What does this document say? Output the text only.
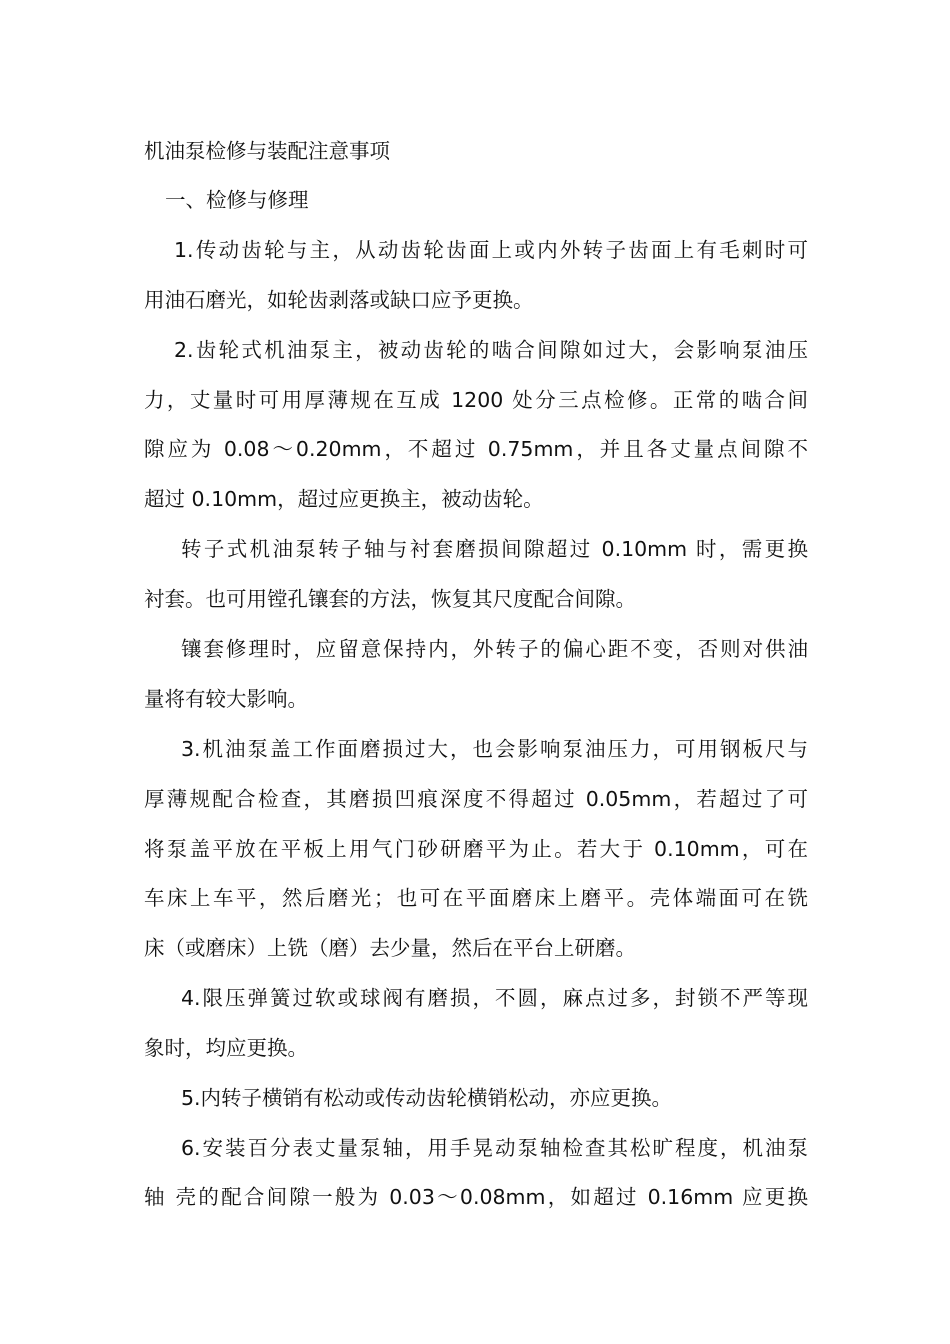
机油泵检修与装配注意事项
一、检修与修理
1.传动齿轮与主，从动齿轮齿面上或内外转子齿面上有毛刺时可
用油石磨光，如轮齿剥落或缺口应予更换。
2.齿轮式机油泵主，被动齿轮的啮合间隙如过大，会影响泵油压
力，丈量时可用厚薄规在互成 1200 处分三点检修。正常的啮合间
隙应为 0.08～0.20mm，不超过 0.75mm，并且各丈量点间隙不
超过 0.10mm，超过应更换主，被动齿轮。
转子式机油泵转子轴与衬套磨损间隙超过 0.10mm 时，需更换
衬套。也可用镗孔镶套的方法，恢复其尺度配合间隙。
镶套修理时，应留意保持内，外转子的偏心距不变，否则对供油
量将有较大影响。
3.机油泵盖工作面磨损过大，也会影响泵油压力，可用钢板尺与
厚薄规配合检查，其磨损凹痕深度不得超过 0.05mm，若超过了可
将泵盖平放在平板上用气门砂研磨平为止。若大于 0.10mm，可在
车床上车平，然后磨光；也可在平面磨床上磨平。壳体端面可在铣
床（或磨床）上铣（磨）去少量，然后在平台上研磨。
4.限压弹簧过软或球阀有磨损，不圆，麻点过多，封锁不严等现
象时，均应更换。
5.内转子横销有松动或传动齿轮横销松动，亦应更换。
6.安装百分表丈量泵轴，用手晃动泵轴检查其松旷程度，机油泵
轴 壳的配合间隙一般为 0.03～0.08mm，如超过 0.16mm 应更换
